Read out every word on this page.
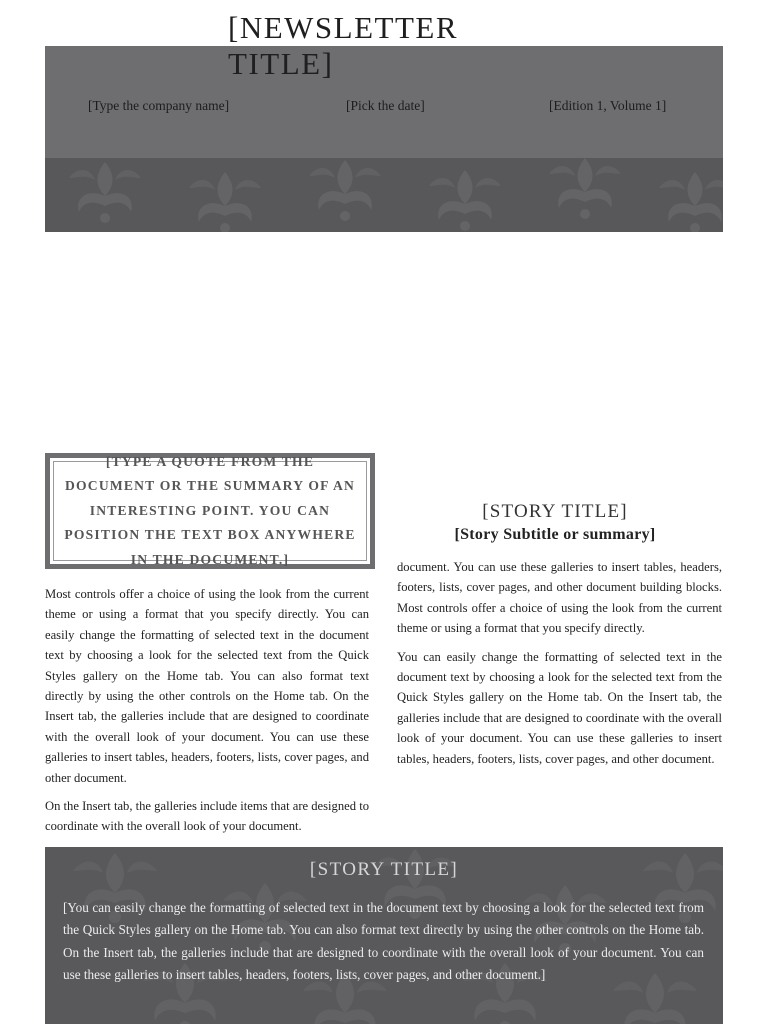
[NEWSLETTER TITLE]
[Type the company name]	[Pick the date]	[Edition 1, Volume 1]
[TYPE A QUOTE FROM THE DOCUMENT OR THE SUMMARY OF AN INTERESTING POINT. YOU CAN POSITION THE TEXT BOX ANYWHERE IN THE DOCUMENT.]

Most controls offer a choice of using the look from the current theme or using a format that you specify directly. You can easily change the formatting of selected text in the document text by choosing a look for the selected text from the Quick Styles gallery on the Home tab. You can also format text directly by using the other controls on the Home tab. On the Insert tab, the galleries include that are designed to coordinate with the overall look of your document. You can use these galleries to insert tables, headers, footers, lists, cover pages, and other document.

On the Insert tab, the galleries include items that are designed to coordinate with the overall look of your document.

[STORY TITLE]
[Story Subtitle or summary]

document. You can use these galleries to insert tables, headers, footers, lists, cover pages, and other document building blocks. Most controls offer a choice of using the look from the current theme or using a format that you specify directly.

You can easily change the formatting of selected text in the document text by choosing a look for the selected text from the Quick Styles gallery on the Home tab. On the Insert tab, the galleries include that are designed to coordinate with the overall look of your document. You can use these galleries to insert tables, headers, footers, lists, cover pages, and other document.

[STORY TITLE]
[You can easily change the formatting of selected text in the document text by choosing a look for the selected text from the Quick Styles gallery on the Home tab. You can also format text directly by using the other controls on the Home tab. On the Insert tab, the galleries include that are designed to coordinate with the overall look of your document. You can use these galleries to insert tables, headers, footers, lists, cover pages, and other document.]
